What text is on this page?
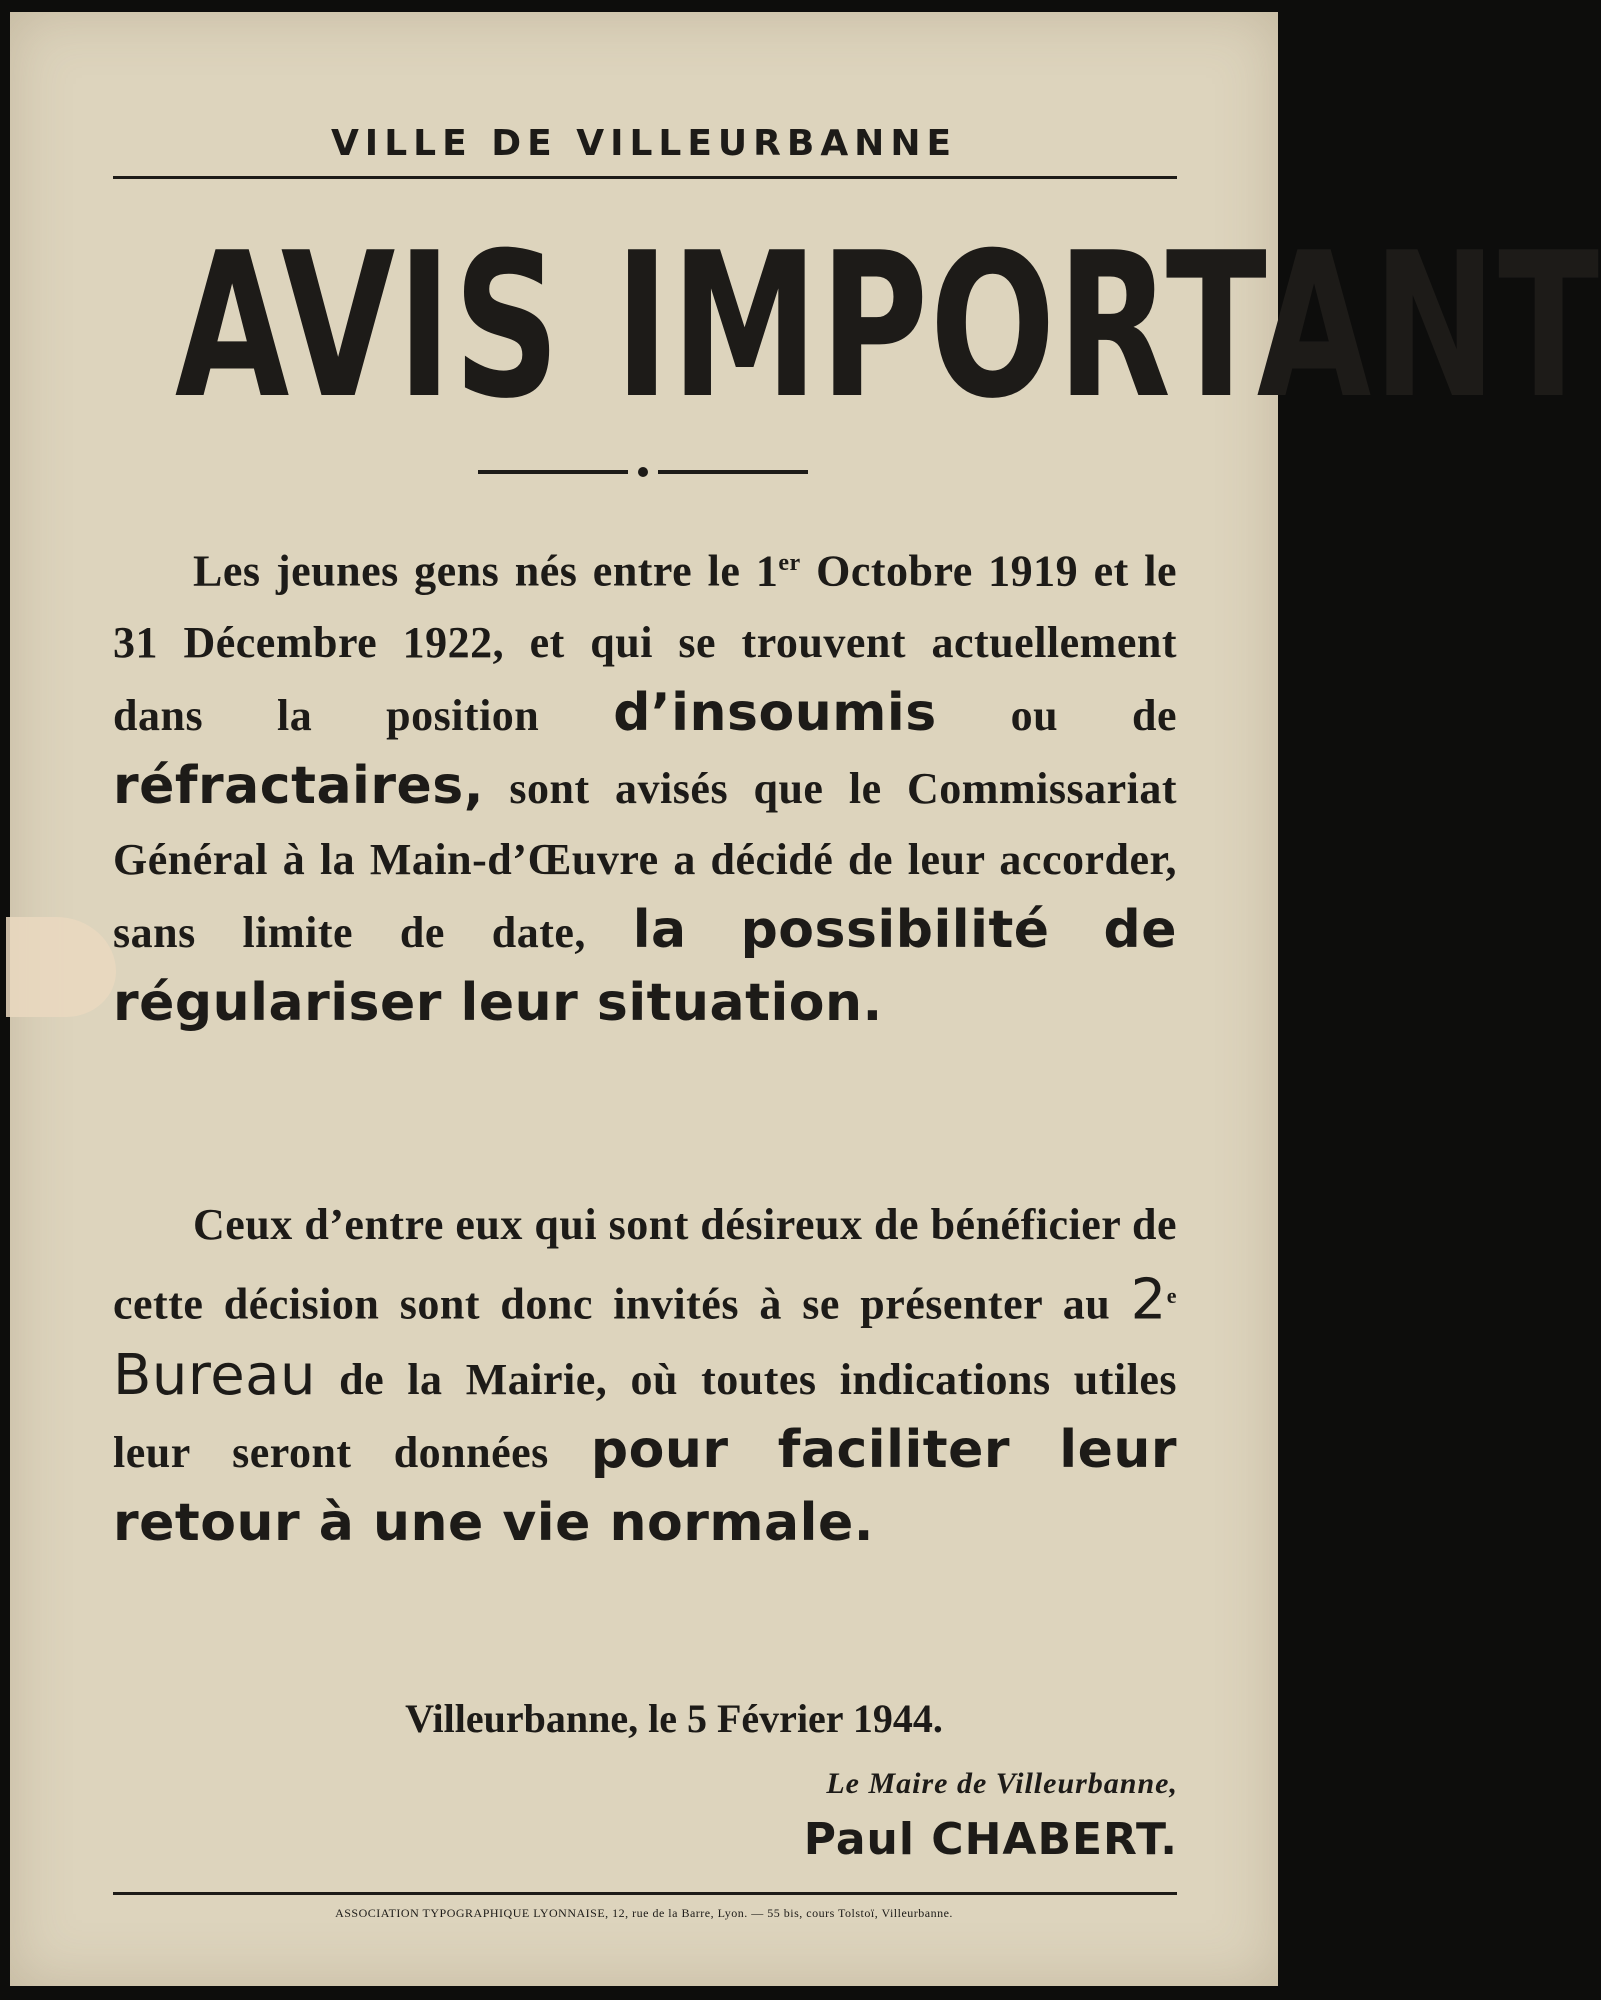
VILLE DE VILLEURBANNE
AVIS IMPORTANT

Les jeunes gens nés entre le 1er Octobre 1919 et le 31 Décembre 1922, et qui se trouvent actuellement dans la position d’insoumis ou de réfractaires, sont avisés que le Commissariat Général à la Main-d’Œuvre a décidé de leur accorder, sans limite de date, la possibilité de régulariser leur situation.

Ceux d’entre eux qui sont désireux de bénéficier de cette décision sont donc invités à se présenter au 2e Bureau de la Mairie, où toutes indications utiles leur seront données pour faciliter leur retour à une vie normale.

Villeurbanne, le 5 Février 1944.
Le Maire de Villeurbanne,
Paul CHABERT.
ASSOCIATION TYPOGRAPHIQUE LYONNAISE, 12, rue de la Barre, Lyon. — 55 bis, cours Tolstoï, Villeurbanne.
